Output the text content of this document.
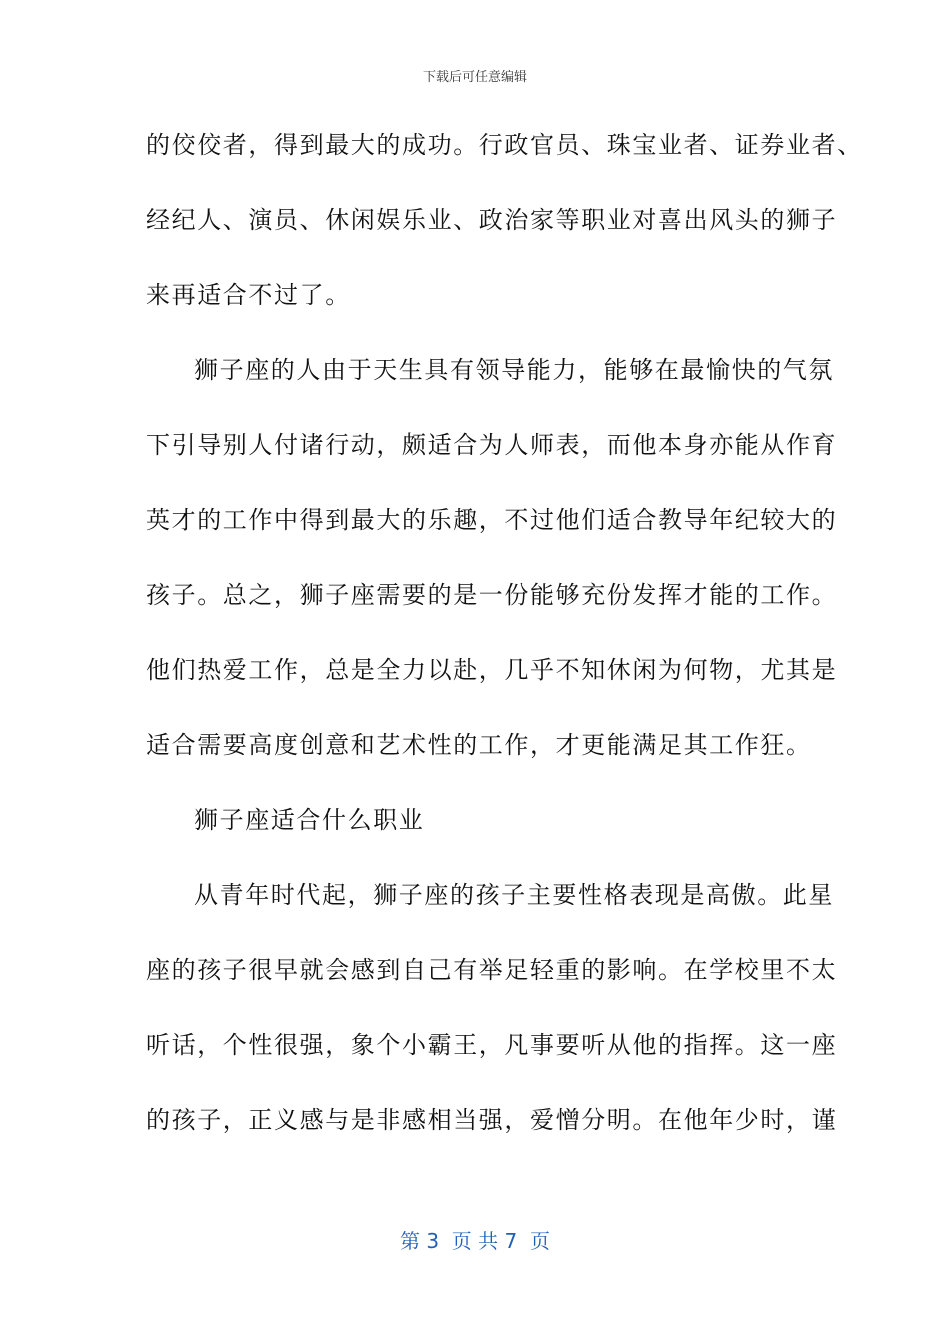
下载后可任意编辑
的佼佼者，得到最大的成功。行政官员、珠宝业者、证券业者、
经纪人、演员、休闲娱乐业、政治家等职业对喜出风头的狮子
来再适合不过了。
狮子座的人由于天生具有领导能力，能够在最愉快的气氛
下引导别人付诸行动，颇适合为人师表，而他本身亦能从作育
英才的工作中得到最大的乐趣，不过他们适合教导年纪较大的
孩子。总之，狮子座需要的是一份能够充份发挥才能的工作。
他们热爱工作，总是全力以赴，几乎不知休闲为何物，尤其是
适合需要高度创意和艺术性的工作，才更能满足其工作狂。
狮子座适合什么职业
从青年时代起，狮子座的孩子主要性格表现是高傲。此星
座的孩子很早就会感到自己有举足轻重的影响。在学校里不太
听话，个性很强，象个小霸王，凡事要听从他的指挥。这一座
的孩子，正义感与是非感相当强，爱憎分明。在他年少时，谨
第 3  页 共 7  页
